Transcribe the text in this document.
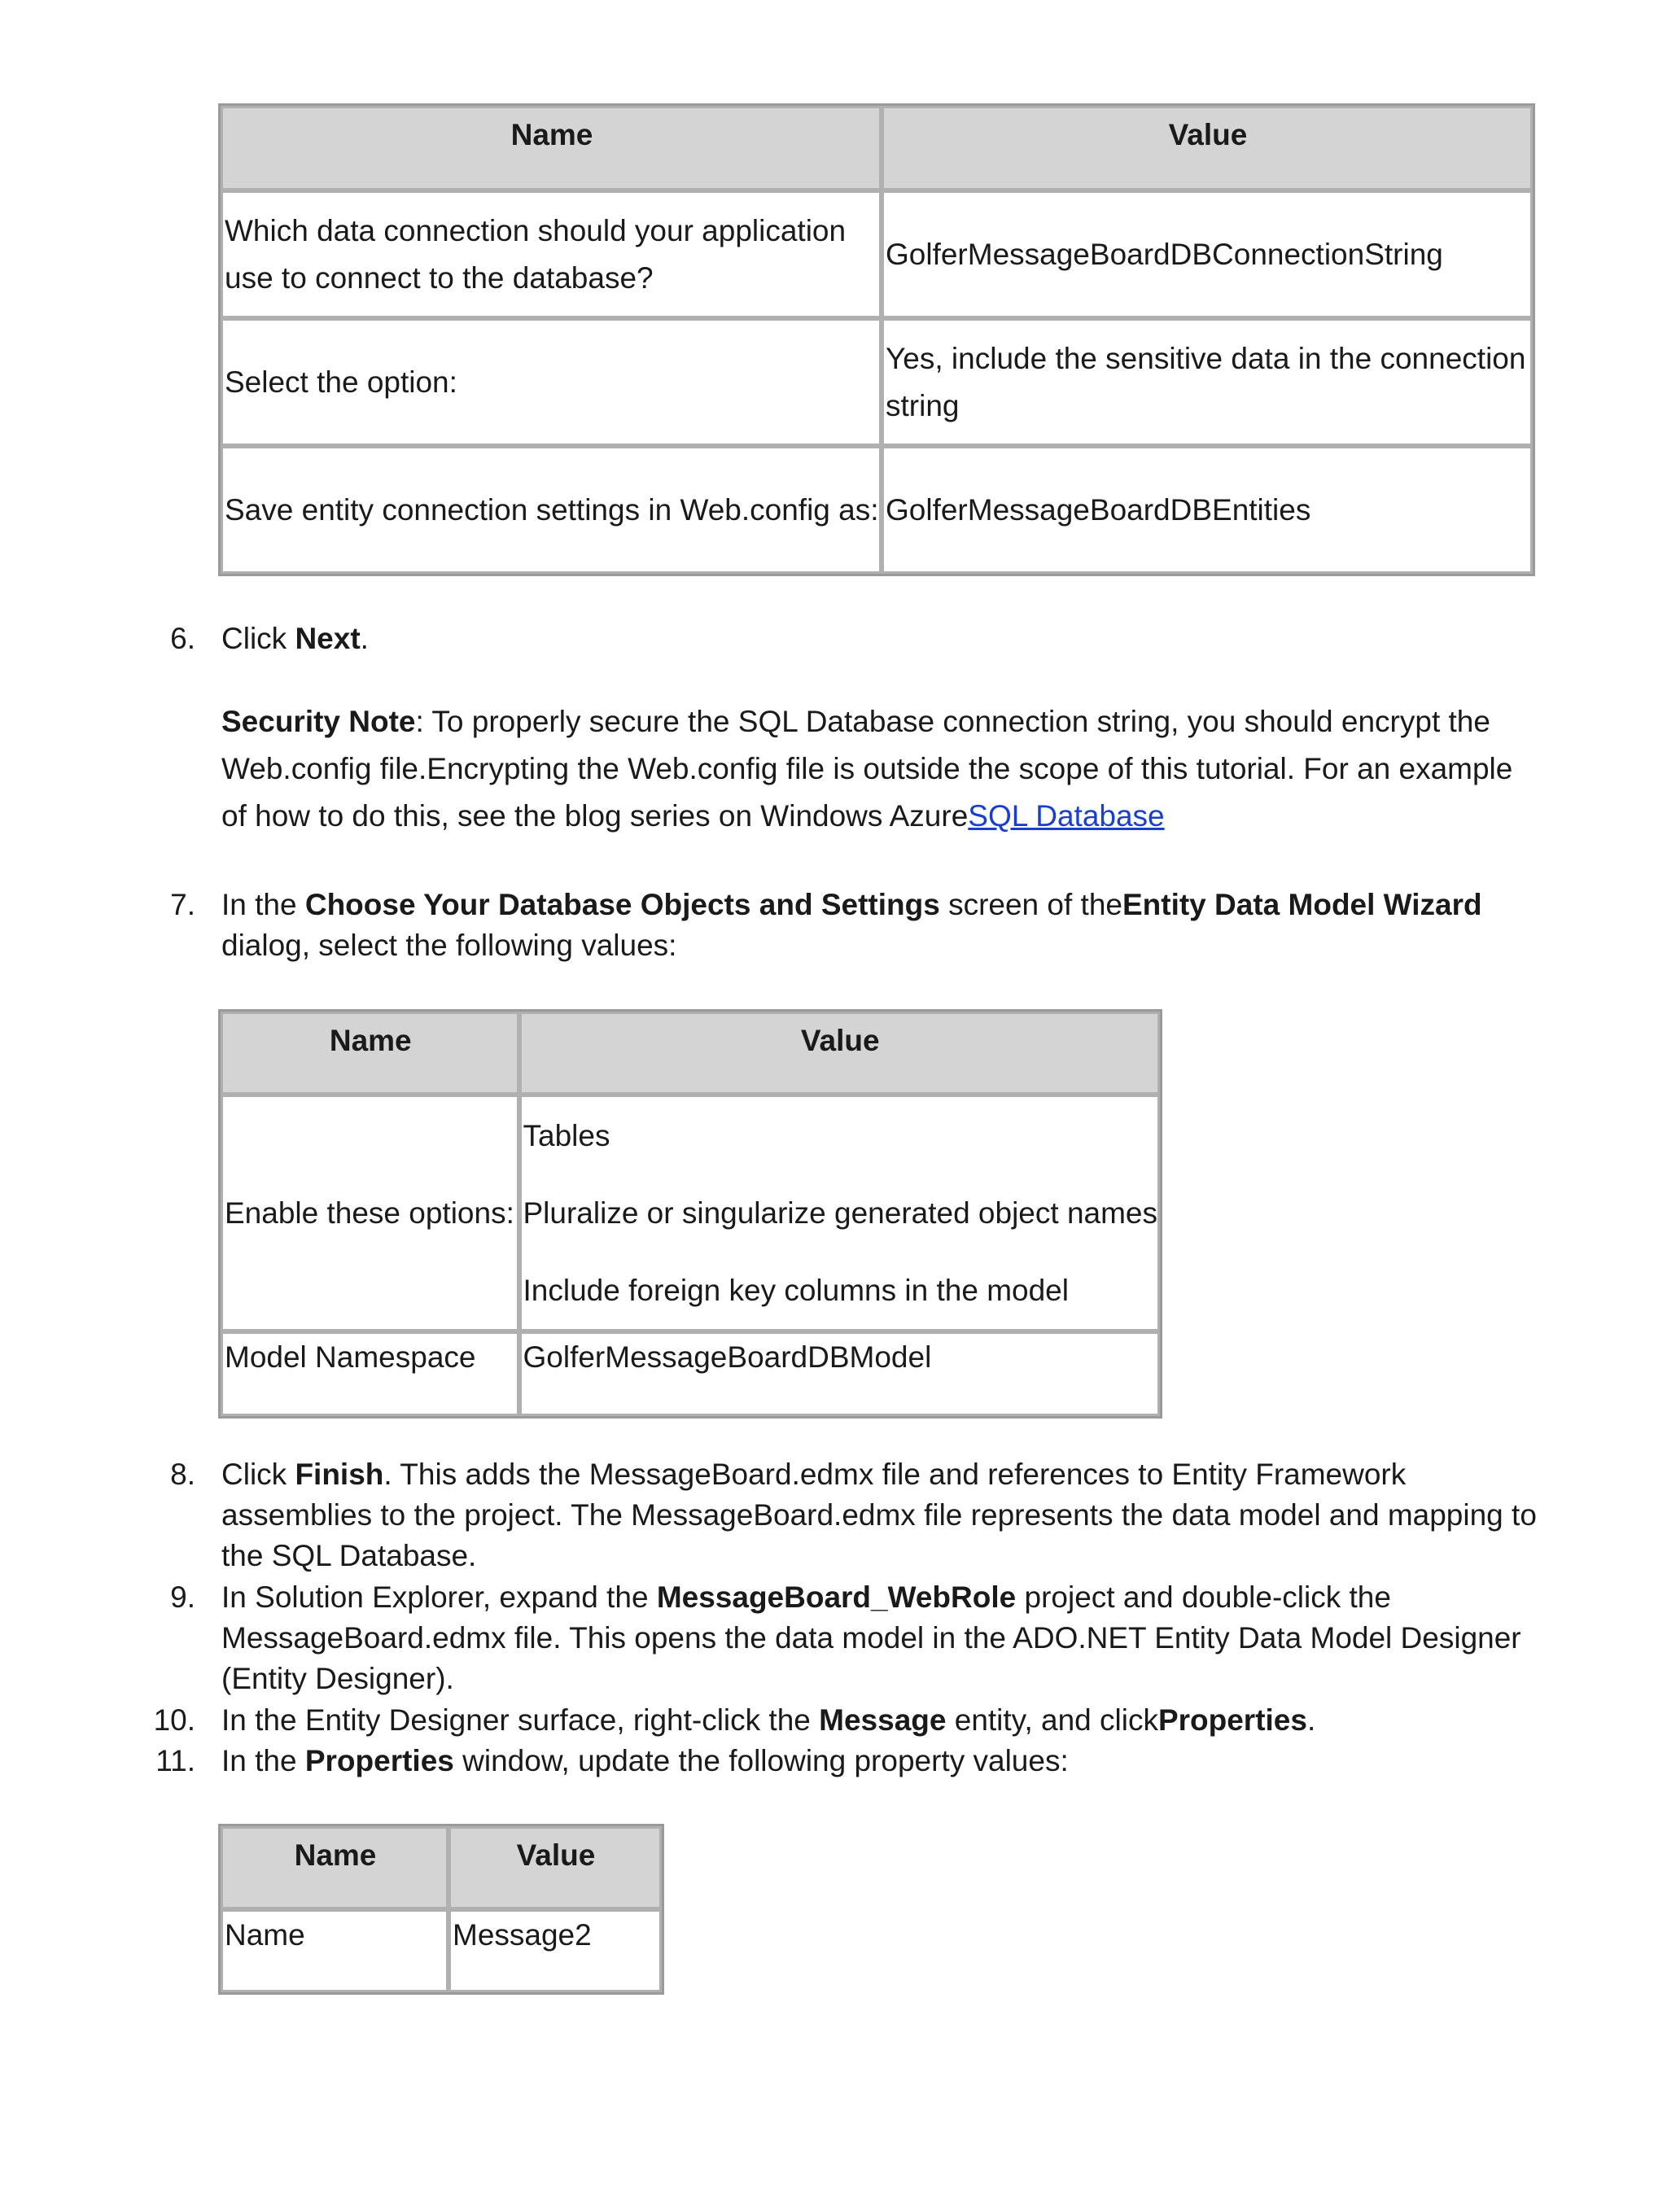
Name	Value
Which data connection should your application use to connect to the database?	GolferMessageBoardDBConnectionString
Select the option:	Yes, include the sensitive data in the connection string
Save entity connection settings in Web.config as:	GolferMessageBoardDBEntities
6. Click Next.
Security Note: To properly secure the SQL Database connection string, you should encrypt the Web.config file.Encrypting the Web.config file is outside the scope of this tutorial. For an example of how to do this, see the blog series on Windows AzureSQL Database
7. In the Choose Your Database Objects and Settings screen of theEntity Data Model Wizard dialog, select the following values:
Name	Value
Enable these options:	Tables
Pluralize or singularize generated object names
Include foreign key columns in the model

Model Namespace	GolferMessageBoardDBModel
8. Click Finish. This adds the MessageBoard.edmx file and references to Entity Framework assemblies to the project. The MessageBoard.edmx file represents the data model and mapping to the SQL Database.
9. In Solution Explorer, expand the MessageBoard_WebRole project and double-click the MessageBoard.edmx file. This opens the data model in the ADO.NET Entity Data Model Designer (Entity Designer).
10. In the Entity Designer surface, right-click the Message entity, and clickProperties.
11. In the Properties window, update the following property values:
Name	Value
Name	Message2
